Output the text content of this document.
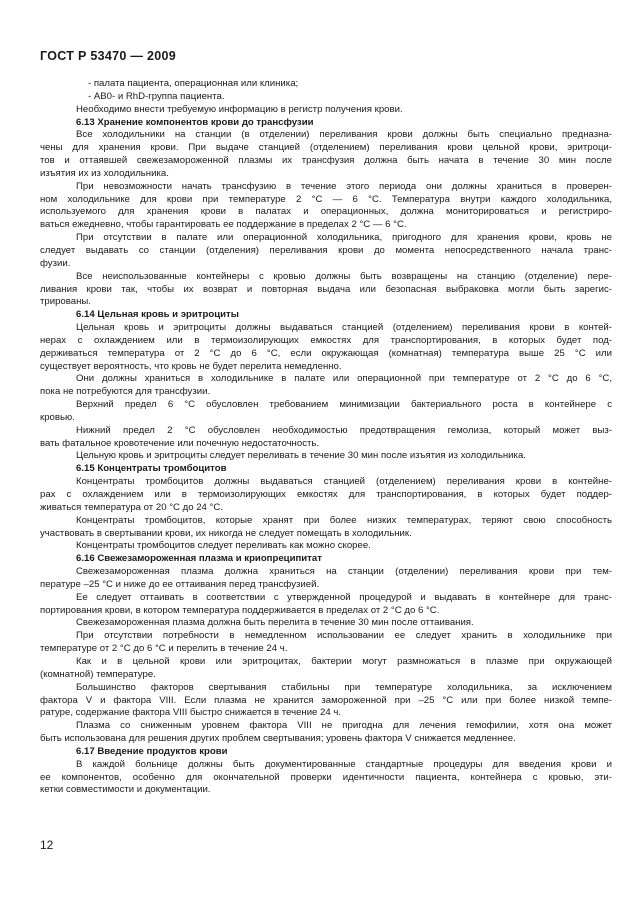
ГОСТ Р 53470 — 2009
- палата пациента, операционная или клиника;
- АВ0- и RhD-группа пациента.
Необходимо внести требуемую информацию в регистр получения крови.
6.13 Хранение компонентов крови до трансфузии
Все холодильники на станции (в отделении) переливания крови должны быть специально предназна-
чены для хранения крови. При выдаче станцией (отделением) переливания крови цельной крови, эритроци-
тов и оттаявшей свежезамороженной плазмы их трансфузия должна быть начата в течение 30 мин после
изъятия их из холодильника.
При невозможности начать трансфузию в течение этого периода они должны храниться в проверен-
ном холодильнике для крови при температуре 2 °С — 6 °С. Температура внутри каждого холодильника,
используемого для хранения крови в палатах и операционных, должна мониторироваться и регистриро-
ваться ежедневно, чтобы гарантировать ее поддержание в пределах 2 °С — 6 °С.
При отсутствии в палате или операционной холодильника, пригодного для хранения крови, кровь не
следует выдавать со станции (отделения) переливания крови до момента непосредственного начала транс-
фузии.
Все неиспользованные контейнеры с кровью должны быть возвращены на станцию (отделение) пере-
ливания крови так, чтобы их возврат и повторная выдача или безопасная выбраковка могли быть зарегис-
трированы.
6.14 Цельная кровь и эритроциты
Цельная кровь и эритроциты должны выдаваться станцией (отделением) переливания крови в контей-
нерах с охлаждением или в термоизолирующих емкостях для транспортирования, в которых будет под-
держиваться температура от 2 °С до 6 °С, если окружающая (комнатная) температура выше 25 °С или
существует вероятность, что кровь не будет перелита немедленно.
Они должны храниться в холодильнике в палате или операционной при температуре от 2 °С до 6 °С,
пока не потребуются для трансфузии.
Верхний предел 6 °С обусловлен требованием минимизации бактериального роста в контейнере с
кровью.
Нижний предел 2 °С обусловлен необходимостью предотвращения гемолиза, который может выз-
вать фатальное кровотечение или почечную недостаточность.
Цельную кровь и эритроциты следует переливать в течение 30 мин после изъятия из холодильника.
6.15 Концентраты тромбоцитов
Концентраты тромбоцитов должны выдаваться станцией (отделением) переливания крови в контейне-
рах с охлаждением или в термоизолирующих емкостях для транспортирования, в которых будет поддер-
живаться температура от 20 °С до 24 °С.
Концентраты тромбоцитов, которые хранят при более низких температурах, теряют свою способность
участвовать в свертывании крови, их никогда не следует помещать в холодильник.
Концентраты тромбоцитов следует переливать как можно скорее.
6.16 Свежезамороженная плазма и криопреципитат
Свежезамороженная плазма должна храниться на станции (отделении) переливания крови при тем-
пературе –25 °С и ниже до ее оттаивания перед трансфузией.
Ее следует оттаивать в соответствии с утвержденной процедурой и выдавать в контейнере для транс-
портирования крови, в котором температура поддерживается в пределах от 2 °С до 6 °С.
Свежезамороженная плазма должна быть перелита в течение 30 мин после оттаивания.
При отсутствии потребности в немедленном использовании ее следует хранить в холодильнике при
температуре от 2 °С до 6 °С и перелить в течение 24 ч.
Как и в цельной крови или эритроцитах, бактерии могут размножаться в плазме при окружающей
(комнатной) температуре.
Большинство факторов свертывания стабильны при температуре холодильника, за исключением
фактора V и фактора VIII. Если плазма не хранится замороженной при –25 °С или при более низкой темпе-
ратуре, содержание фактора VIII быстро снижается в течение 24 ч.
Плазма со сниженным уровнем фактора VIII не пригодна для лечения гемофилии, хотя она может
быть использована для решения других проблем свертывания; уровень фактора V снижается медленнее.
6.17 Введение продуктов крови
В каждой больнице должны быть документированные стандартные процедуры для введения крови и
ее компонентов, особенно для окончательной проверки идентичности пациента, контейнера с кровью, эти-
кетки совместимости и документации.
12
